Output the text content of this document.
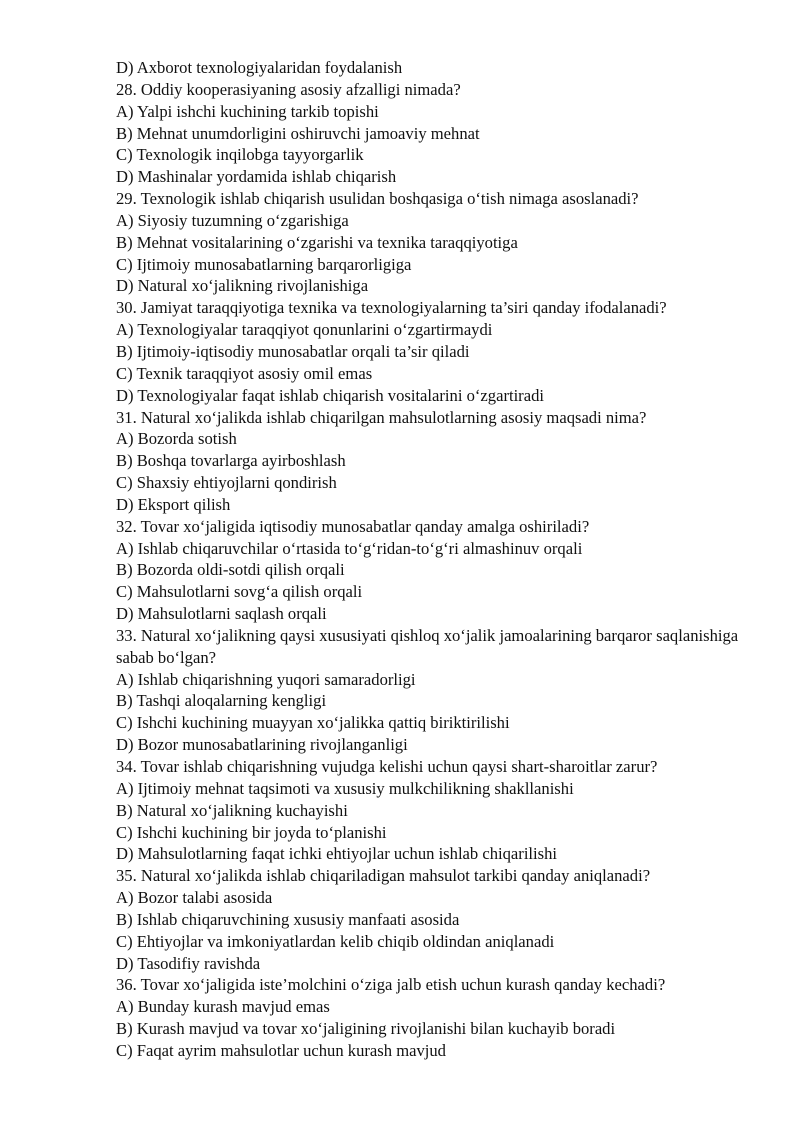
D) Axborot texnologiyalaridan foydalanish
28. Oddiy kooperasiyaning asosiy afzalligi nimada?
A) Yalpi ishchi kuchining tarkib topishi
B) Mehnat unumdorligini oshiruvchi jamoaviy mehnat
C) Texnologik inqilobga tayyorgarlik
D) Mashinalar yordamida ishlab chiqarish
29. Texnologik ishlab chiqarish usulidan boshqasiga o‘tish nimaga asoslanadi?
A) Siyosiy tuzumning o‘zgarishiga
B) Mehnat vositalarining o‘zgarishi va texnika taraqqiyotiga
C) Ijtimoiy munosabatlarning barqarorligiga
D) Natural xo‘jalikning rivojlanishiga
30. Jamiyat taraqqiyotiga texnika va texnologiyalarning ta’siri qanday ifodalanadi?
A) Texnologiyalar taraqqiyot qonunlarini o‘zgartirmaydi
B) Ijtimoiy-iqtisodiy munosabatlar orqali ta’sir qiladi
C) Texnik taraqqiyot asosiy omil emas
D) Texnologiyalar faqat ishlab chiqarish vositalarini o‘zgartiradi
31. Natural xo‘jalikda ishlab chiqarilgan mahsulotlarning asosiy maqsadi nima?
A) Bozorda sotish
B) Boshqa tovarlarga ayirboshlash
C) Shaxsiy ehtiyojlarni qondirish
D) Eksport qilish
32. Tovar xo‘jaligida iqtisodiy munosabatlar qanday amalga oshiriladi?
A) Ishlab chiqaruvchilar o‘rtasida to‘g‘ridan-to‘g‘ri almashinuv orqali
B) Bozorda oldi-sotdi qilish orqali
C) Mahsulotlarni sovg‘a qilish orqali
D) Mahsulotlarni saqlash orqali
33. Natural xo‘jalikning qaysi xususiyati qishloq xo‘jalik jamoalarining barqaror saqlanishiga sabab bo‘lgan?
A) Ishlab chiqarishning yuqori samaradorligi
B) Tashqi aloqalarning kengligi
C) Ishchi kuchining muayyan xo‘jalikka qattiq biriktirilishi
D) Bozor munosabatlarining rivojlanganligi
34. Tovar ishlab chiqarishning vujudga kelishi uchun qaysi shart-sharoitlar zarur?
A) Ijtimoiy mehnat taqsimoti va xususiy mulkchilikning shakllanishi
B) Natural xo‘jalikning kuchayishi
C) Ishchi kuchining bir joyda to‘planishi
D) Mahsulotlarning faqat ichki ehtiyojlar uchun ishlab chiqarilishi
35. Natural xo‘jalikda ishlab chiqariladigan mahsulot tarkibi qanday aniqlanadi?
A) Bozor talabi asosida
B) Ishlab chiqaruvchining xususiy manfaati asosida
C) Ehtiyojlar va imkoniyatlardan kelib chiqib oldindan aniqlanadi
D) Tasodifiy ravishda
36. Tovar xo‘jaligida iste’molchini o‘ziga jalb etish uchun kurash qanday kechadi?
A) Bunday kurash mavjud emas
B) Kurash mavjud va tovar xo‘jaligining rivojlanishi bilan kuchayib boradi
C) Faqat ayrim mahsulotlar uchun kurash mavjud
